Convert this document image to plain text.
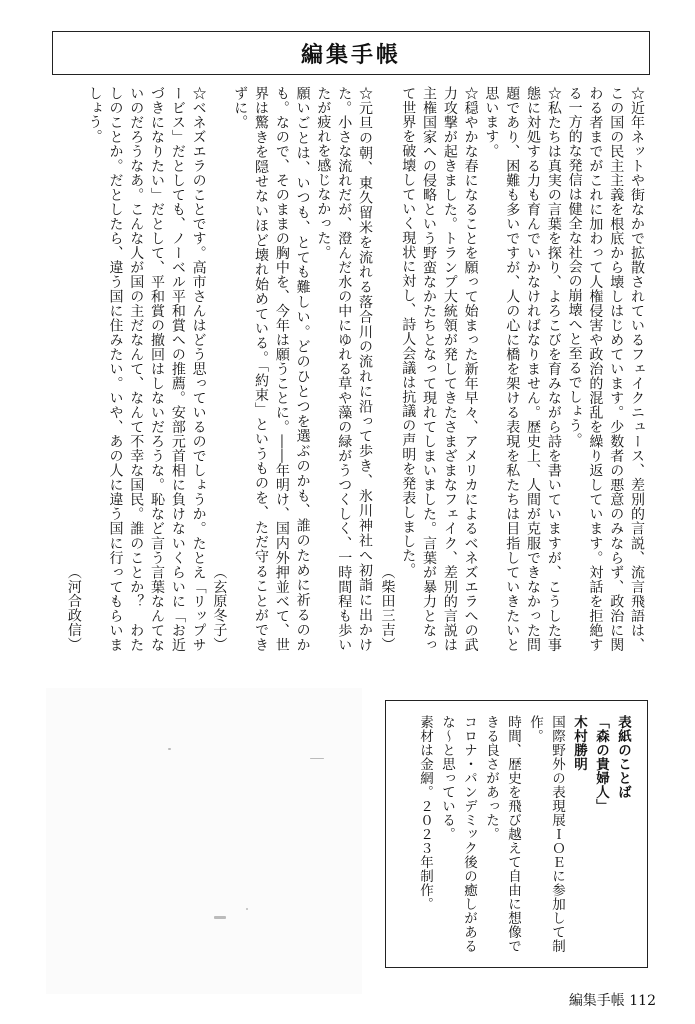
編集手帳

☆元旦の朝、東久留米を流れる落合川の流れに沿って歩き、氷川神社へ初詣に出かけた。小さな流れだが、澄んだ水の中にゆれる草や藻の緑がうつくしく、一時間程も歩いたが疲れを感じなかった。

願いごとは、いつも、とても難しい。どのひとつを選ぶのかも、誰のために祈るのかも。なので、そのままの胸中を、今年は願うことに。――年明け、国内外押並べて、世界は驚きを隠せないほど壊れ始めている。「約束」というものを、ただ守ることができずに。

（玄原冬子）

☆ベネズエラのことです。高市さんはどう思っているのでしょうか。たとえ「リップサービス」だとしても、ノーベル平和賞への推薦。安部元首相に負けないくらいに「お近づきになりたい」だとして、平和賞の撤回はしないだろうな。恥など言う言葉なんてないのだろうなあ。こんな人が国の主だなんて、なんて不幸な国民。誰のことか？　わたしのことか。だとしたら、違う国に住みたい。いや、あの人に違う国に行ってもらいましょう。

（河合政信）	☆近年ネットや街なかで拡散されているフェイクニュース、差別的言説、流言飛語は、この国の民主主義を根底から壊しはじめています。少数者の悪意のみならず、政治に関わる者までがこれに加わって人権侵害や政治的混乱を繰り返しています。対話を拒絶する一方的な発信は健全な社会の崩壊へと至るでしょう。

☆私たちは真実の言葉を探り、よろこびを育みながら詩を書いていますが、こうした事態に対処する力も育んでいかなければなりません。歴史上、人間が克服できなかった問題であり、困難も多いですが、人の心に橋を架ける表現を私たちは目指していきたいと思います。

☆穏やかな春になることを願って始まった新年早々、アメリカによるベネズエラへの武力攻撃が起きました。トランプ大統領が発してきたさまざまなフェイク、差別的言説は主権国家への侵略という野蛮なかたちとなって現れてしまいました。言葉が暴力となって世界を破壊していく現状に対し、詩人会議は抗議の声明を発表しました。

（柴田三吉）

表紙のことば

「森の貴婦人」

木村勝明

国際野外の表現展ＩＯＥに参加して制作。

時間、歴史を飛び越えて自由に想像できる良さがあった。

コロナ・パンデミック後の癒しがあるな～と思っている。

素材は金網。２０２３年制作。

編集手帳 112
